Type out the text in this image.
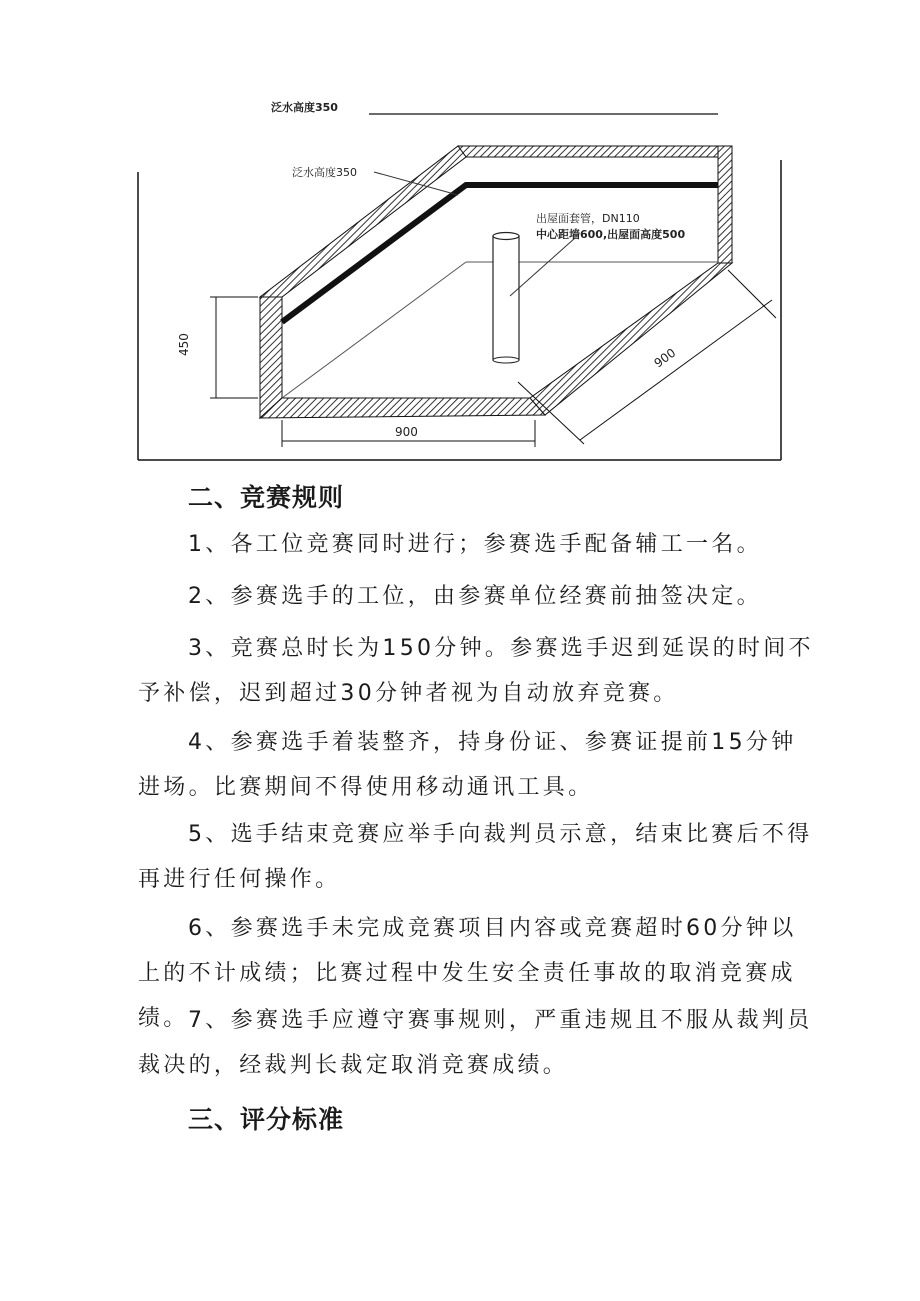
泛水高度350
泛水高度350
出屋面套管，DN110
中心距墙600,出屋面高度500
450
900
900
二、竞赛规则

1、各工位竞赛同时进行；参赛选手配备辅工一名。

2、参赛选手的工位，由参赛单位经赛前抽签决定。

3、竞赛总时长为150分钟。参赛选手迟到延误的时间不予补偿，迟到超过30分钟者视为自动放弃竞赛。

4、参赛选手着装整齐，持身份证、参赛证提前15分钟进场。比赛期间不得使用移动通讯工具。

5、选手结束竞赛应举手向裁判员示意，结束比赛后不得再进行任何操作。

6、参赛选手未完成竞赛项目内容或竞赛超时60分钟以上的不计成绩；比赛过程中发生安全责任事故的取消竞赛成绩。 7、参赛选手应遵守赛事规则，严重违规且不服从裁判员裁决的，经裁判长裁定取消竞赛成绩。

三、评分标准
